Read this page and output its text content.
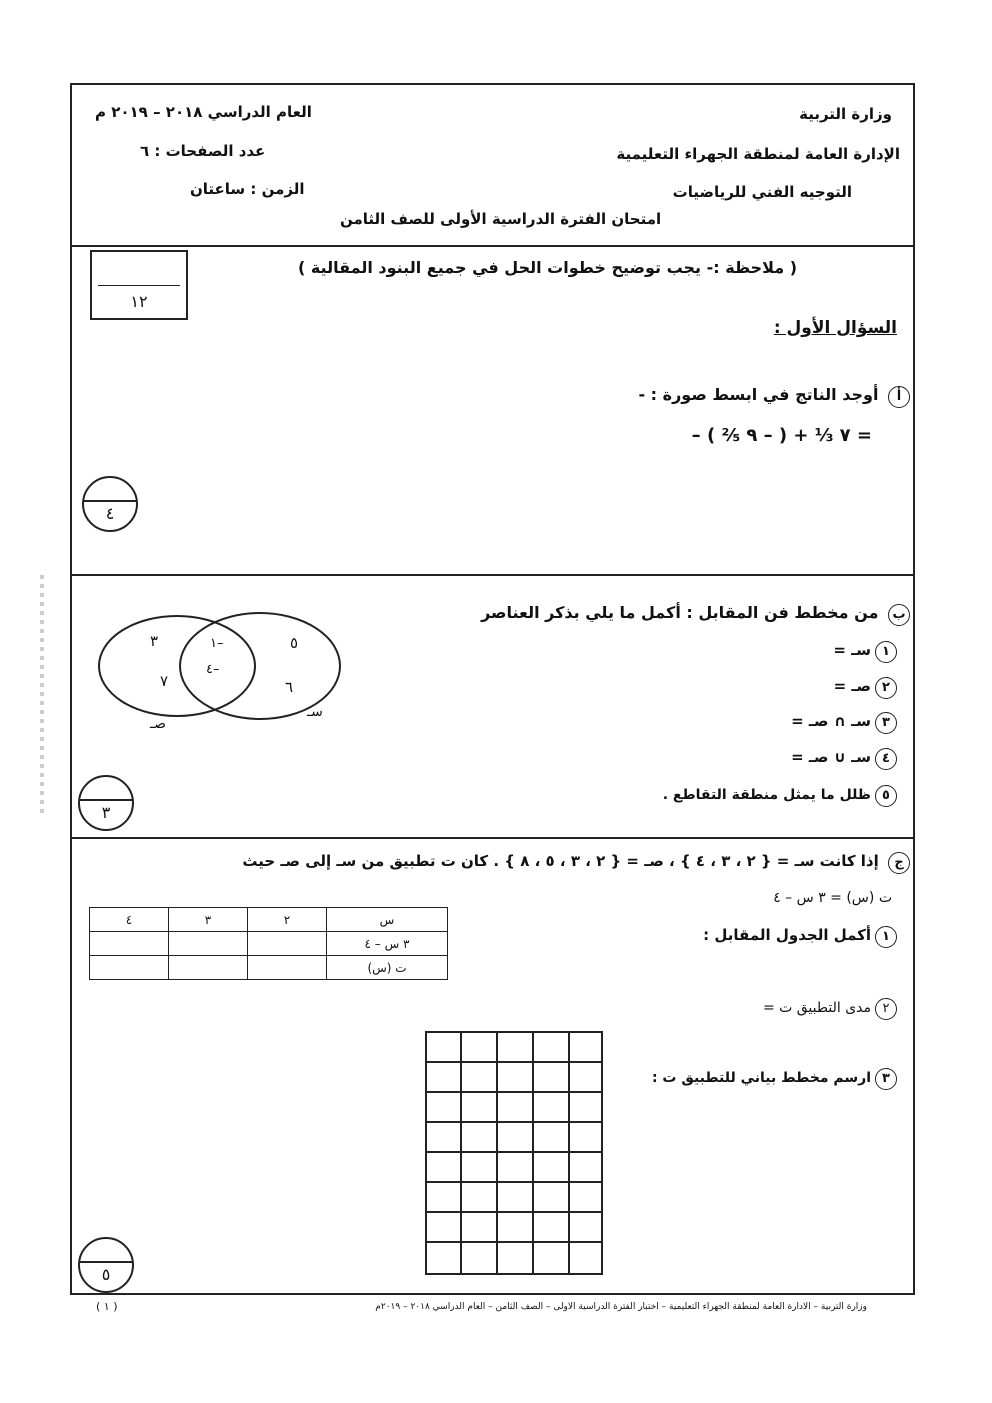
وزارة التربية
الإدارة العامة لمنطقة الجهراء التعليمية
التوجيه الفني للرياضيات
العام الدراسي ٢٠١٨ – ٢٠١٩ م
عدد الصفحات : ٦
الزمن : ساعتان
امتحان الفترة الدراسية الأولى للصف الثامن
( ملاحظة :- يجب توضيح خطوات الحل في جميع البنود المقالية )
١٢
السؤال الأول :
أ أوجد الناتج في ابسط صورة : -
– ٧ ⅓ + ( – ٩ ⅖ ) =
٤
ب من مخطط فن المقابل : أكمل ما يلي بذكر العناصر
١سـ =
٢صـ =
٣سـ ∩ صـ =
٤سـ ∪ صـ =
٥ظلل ما يمثل منطقة التقاطع .
٣
٧
١–
٤–
٥
٦
صـ
سـ
٣
ج إذا كانت سـ = { ٢ ، ٣ ، ٤ } ، صـ = { ٢ ، ٣ ، ٥ ، ٨ } . كان ت تطبيق من سـ إلى صـ حيث
ت (س) = ٣ س – ٤
١أكمل الجدول المقابل :
٢مدى التطبيق ت =
٣ارسم مخطط بياني للتطبيق ت :
س	٢	٣	٤
٣ س – ٤			
ت (س)			
٥
وزارة التربية – الادارة العامة لمنطقة الجهراء التعليمية – اختبار الفترة الدراسية الاولى – الصف الثامن – العام الدراسي ٢٠١٨ – ٢٠١٩م
( ١ )
